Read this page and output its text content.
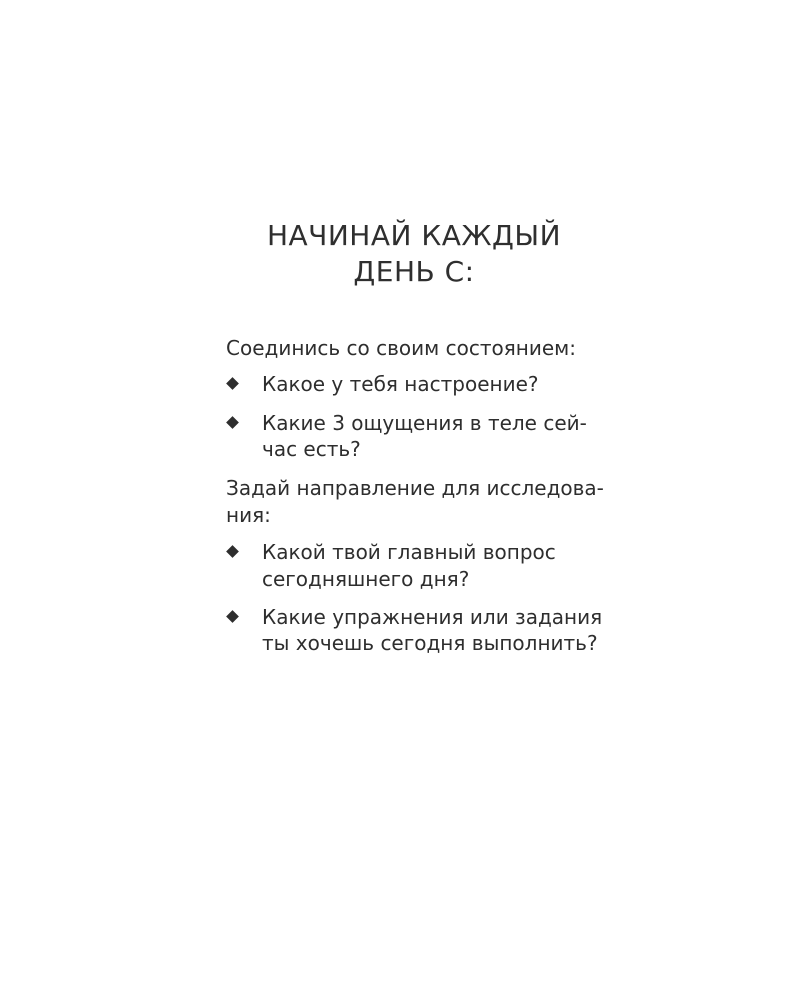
НАЧИНАЙ КАЖДЫЙ
ДЕНЬ С:

Соединись со своим состоянием:

Какое у тебя настроение?

Какие 3 ощущения в теле сей-

час есть?

Задай направление для исследова-

ния:

Какой твой главный вопрос

сегодняшнего дня?

Какие упражнения или задания

ты хочешь сегодня выполнить?
